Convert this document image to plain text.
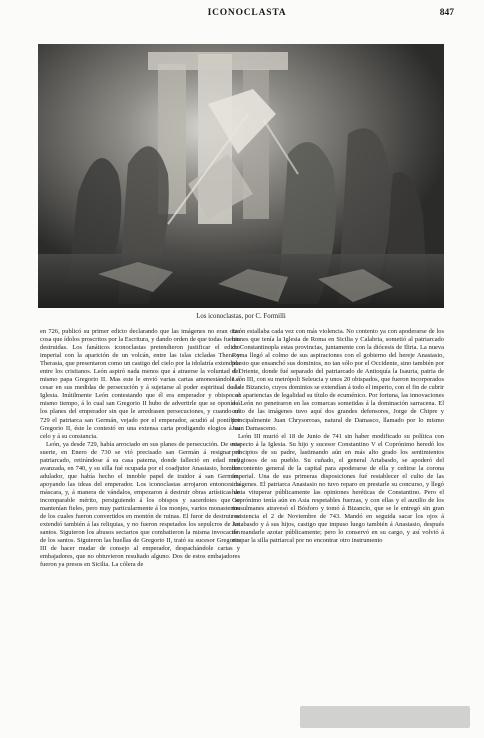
ICONOCLASTA	847
Los iconoclastas, por C. Formilli

en 726, publicó su primer edicto declarando que las imágenes no eran otra cosa que ídolos proscritos por la Escritura, y dando orden de que todas fueran destruidas. Los fanáticos iconoclastas pretendieron justificar el edicto imperial con la aparición de un volcán, entre las islas cicladas Thera y Therasia, que presentaron como un castigo del cielo por la idolatría extendida entre los cristianos. León aspiró nada menos que á atraerse la voluntad del mismo papa Gregorio II. Mas este le envió varias cartas amonestándole á cesar en sus medidas de persecución y á sujetarse al poder espiritual de la Iglesia. Inútilmente León contestando que él era emperador y obispo al mismo tiempo, á lo cual san Gregorio II hubo de advertirle que se oponía á los planes del emperador sin que le arredrasen persecuciones, y cuando en 729 el patriarca san Germán, vejado por el emperador, acudió al pontífice Gregorio II, éste le contestó en una extensa carta prodigando elogios á su celo y á su constancia.

León, ya desde 729, había arrociado en sus planes de persecución. De esta suerte, en Enero de 730 se vió precisado san Germán á resignar el patriarcado, retirándose á su casa paterna, donde falleció en edad muy avanzada, en 740, y su silla fué ocupada por el coadjutor Anastasio, hombre adulador, que había hecho el innoble papel de traidor á san Germán, apoyando las ideas del emperador. Los iconoclastas arrojaron entonces la máscara, y, á manera de vándalos, empezaron á destruir obras artísticas de incomparable mérito, persiguiendo á los obispos y sacerdotes que se mantenían fieles, pero muy particularmente á los monjes, varios monasterios de los cuales fueron convertidos en montón de ruinas. El furor de destruir se extendió también á las reliquias, y no fueron respetados los sepulcros de los santos. Siguieron los abusos sectarios que combatieron la misma invocación de los santos. Siguieron las huellas de Gregorio II, trató su sucesor Gregorio III de hacer mudar de consejo al emperador, despachándole cartas y embajadores, que no obtuvieron resultado alguno. Dos de estos embajadores fueron ya presos en Sicilia. La cólera de

León estallaba cada vez con más violencia. No contento ya con apoderarse de los bienes que tenía la Iglesia de Roma en Sicilia y Calabria, sometió al patriarcado de Constantinopla estas provincias, juntamente con la diócesis de Iliria. La nueva Roma llegó al colmo de sus aspiraciones con el gobierno del hereje Anastasio, puesto que ensanchó sus dominios, no tan sólo por el Occidente, sino también por el Oriente, donde fué separado del patriarcado de Antioquía la Isauria, patria de León III, con su metrópoli Seleucia y unos 20 obispados, que fueron incorporados al de Bizancio, cuyos dominios se extendían á todo el imperio, con el fin de cubrir con apariencias de legalidad su título de ecuménico. Por fortuna, las innovaciones de León no penetraron en las comarcas sometidas á la dominación sarracena. El culto de las imágenes tuvo aquí dos grandes defensores, Jorge de Chipre y principalmente Juan Chrysorroas, natural de Damasco, llamado por lo mismo Juan Damasceno.

León III murió el 18 de Junio de 741 sin haber modificado su política con respecto á la Iglesia. Su hijo y sucesor Constantino V el Coprónimo heredó los principios de su padre, lastimando aún en más alto grado los sentimientos religiosos de su pueblo. Su cuñado, el general Artabasdo, se apoderó del descontento general de la capital para apoderarse de ella y ceñirse la corona imperial. Una de sus primeras disposiciones fué restablecer el culto de las imágenes. El patriarca Anastasio no tuvo reparo en prestarle su concurso, y llegó hasta vituperar públicamente las opiniones heréticas de Constantino. Pero el Coprónimo tenía aún en Asia respetables fuerzas, y con ellas y el auxilio de los musulmanes atravesó el Bósforo y tomó á Bizancio, que se le entregó sin gran resistencia el 2 de Noviembre de 743. Mandó en seguida sacar los ojos á Artabasdo y á sus hijos, castigo que impuso luego también á Anastasio, después de mandarle azotar públicamente; pero lo conservó en su cargo, y así volvió á ocupar la silla patriarcal por no encontrar otro instrumento
